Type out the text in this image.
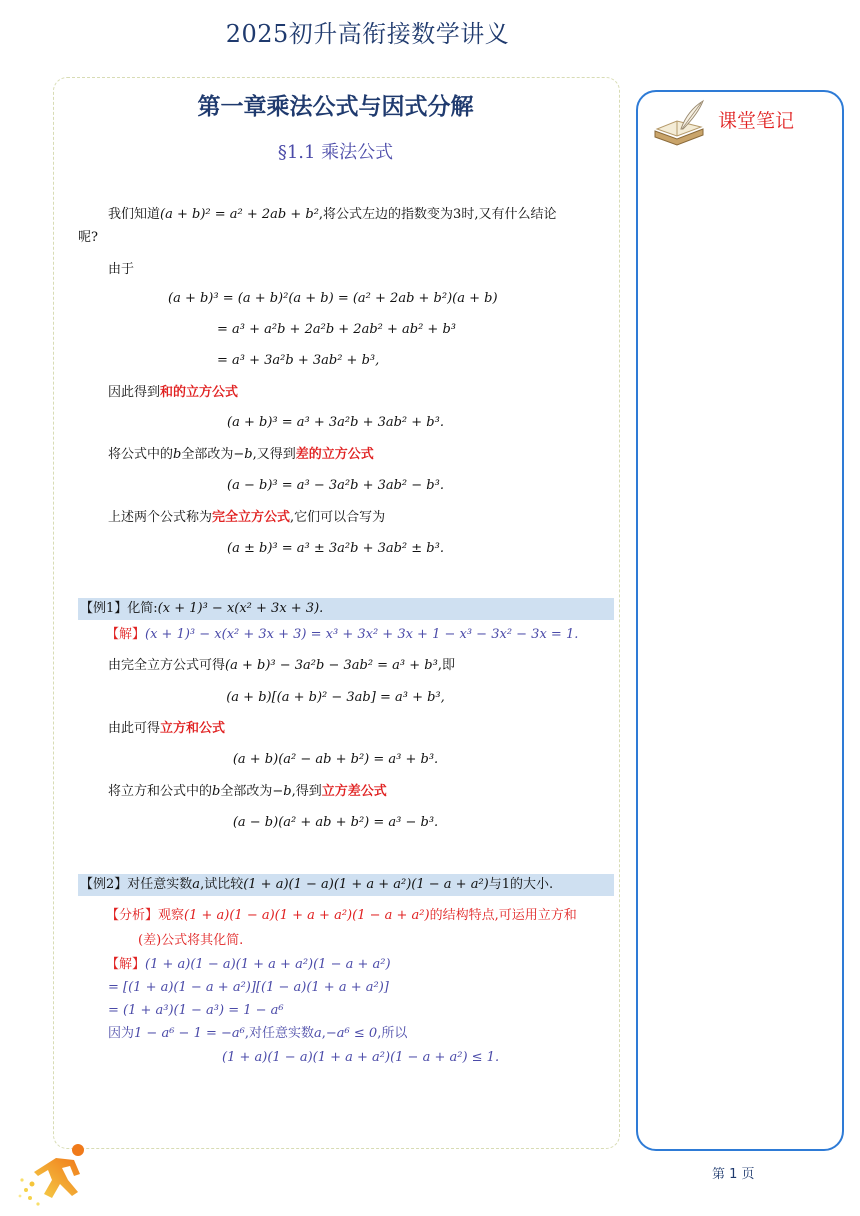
2025初升高衔接数学讲义
课堂笔记
第一章乘法公式与因式分解
§1.1 乘法公式
我们知道(a + b)² = a² + 2ab + b²,将公式左边的指数变为3时,又有什么结论
呢?
由于
(a + b)³ = (a + b)²(a + b) = (a² + 2ab + b²)(a + b)
= a³ + a²b + 2a²b + 2ab² + ab² + b³
= a³ + 3a²b + 3ab² + b³,
因此得到和的立方公式
(a + b)³ = a³ + 3a²b + 3ab² + b³.
将公式中的b全部改为−b,又得到差的立方公式
(a − b)³ = a³ − 3a²b + 3ab² − b³.
上述两个公式称为完全立方公式,它们可以合写为
(a ± b)³ = a³ ± 3a²b + 3ab² ± b³.
【例1】化简:(x + 1)³ − x(x² + 3x + 3).
【解】(x + 1)³ − x(x² + 3x + 3) = x³ + 3x² + 3x + 1 − x³ − 3x² − 3x = 1.
由完全立方公式可得(a + b)³ − 3a²b − 3ab² = a³ + b³,即
(a + b)[(a + b)² − 3ab] = a³ + b³,
由此可得立方和公式
(a + b)(a² − ab + b²) = a³ + b³.
将立方和公式中的b全部改为−b,得到立方差公式
(a − b)(a² + ab + b²) = a³ − b³.
【例2】对任意实数a,试比较(1 + a)(1 − a)(1 + a + a²)(1 − a + a²)与1的大小.
【分析】观察(1 + a)(1 − a)(1 + a + a²)(1 − a + a²)的结构特点,可运用立方和
(差)公式将其化简.
【解】(1 + a)(1 − a)(1 + a + a²)(1 − a + a²)
= [(1 + a)(1 − a + a²)][(1 − a)(1 + a + a²)]
= (1 + a³)(1 − a³) = 1 − a⁶
因为1 − a⁶ − 1 = −a⁶,对任意实数a,−a⁶ ≤ 0,所以
(1 + a)(1 − a)(1 + a + a²)(1 − a + a²) ≤ 1.
第 1 页
